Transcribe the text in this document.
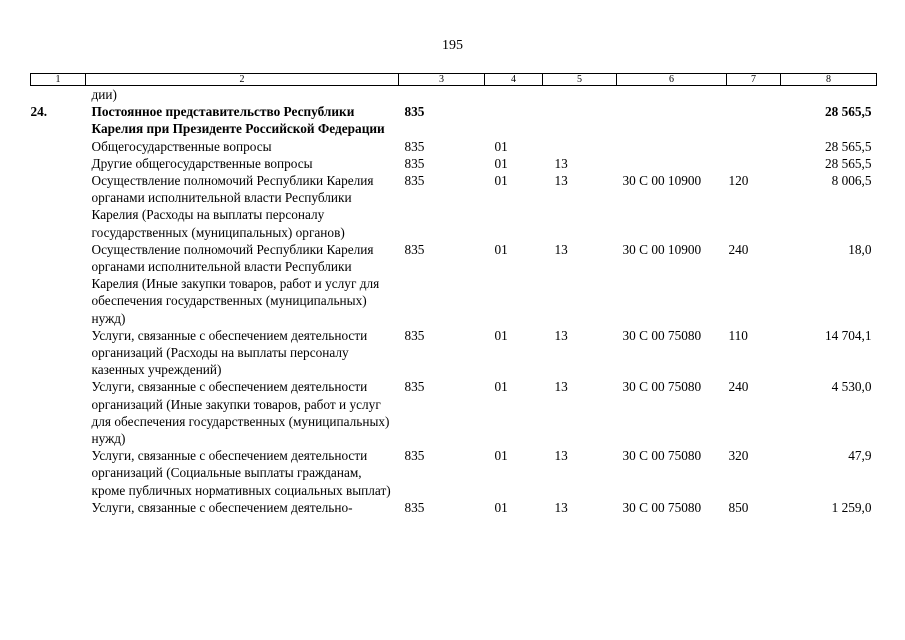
195
1	2	3	4	5	6	7	8
	дии)						
24.	Постоянное представительство Республики Карелия при Президенте Российской Федерации	835					28 565,5
	Общегосударственные вопросы	835	01				28 565,5
	Другие общегосударственные вопросы	835	01	13			28 565,5
	Осуществление полномочий Республики Карелия органами исполнительной власти Республики Карелия (Расходы на выплаты персоналу государственных (муниципальных) органов)	835	01	13	30 С 00 10900	120	8 006,5
	Осуществление полномочий Республики Карелия органами исполнительной власти Республики Карелия (Иные закупки товаров, работ и услуг для обеспечения государственных (муниципальных) нужд)	835	01	13	30 С 00 10900	240	18,0
	Услуги, связанные с обеспечением деятельности организаций (Расходы на выплаты персоналу казенных учреждений)	835	01	13	30 С 00 75080	110	14 704,1
	Услуги, связанные с обеспечением деятельности организаций (Иные закупки товаров, работ и услуг для обеспечения государственных (муниципальных) нужд)	835	01	13	30 С 00 75080	240	4 530,0
	Услуги, связанные с обеспечением деятельности организаций (Социальные выплаты гражданам, кроме публичных нормативных социальных выплат)	835	01	13	30 С 00 75080	320	47,9
	Услуги, связанные с обеспечением деятельно-	835	01	13	30 С 00 75080	850	1 259,0
